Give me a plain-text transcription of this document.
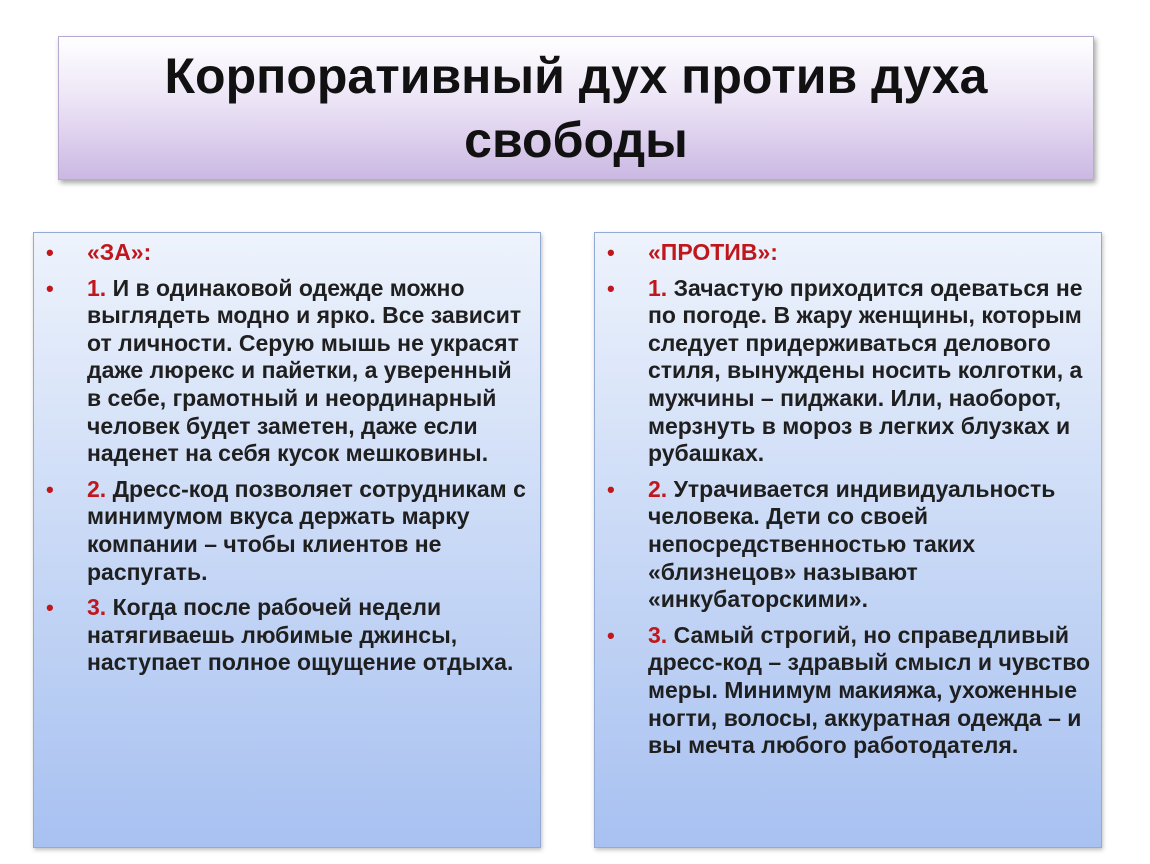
Корпоративный дух против духа свободы
• «ЗА»:
• 1. И в одинаковой одежде можно выглядеть модно и ярко. Все зависит от личности. Серую мышь не украсят даже люрекс и пайетки, а уверенный в себе, грамотный и неординарный человек будет заметен, даже если наденет на себя кусок мешковины.
• 2. Дресс-код позволяет сотрудникам с минимумом вкуса держать марку компании – чтобы клиентов не распугать.
• 3. Когда после рабочей недели натягиваешь любимые джинсы, наступает полное ощущение отдыха.
• «ПРОТИВ»:
• 1. Зачастую приходится одеваться не по погоде. В жару женщины, которым следует придерживаться делового стиля, вынуждены носить колготки, а мужчины – пиджаки. Или, наоборот, мерзнуть в мороз в легких блузках и рубашках.
• 2. Утрачивается индивидуальность человека. Дети со своей непосредственностью таких «близнецов» называют «инкубаторскими».
• 3. Самый строгий, но справедливый дресс-код – здравый смысл и чувство меры. Минимум макияжа, ухоженные ногти, волосы, аккуратная одежда – и вы мечта любого работодателя.
